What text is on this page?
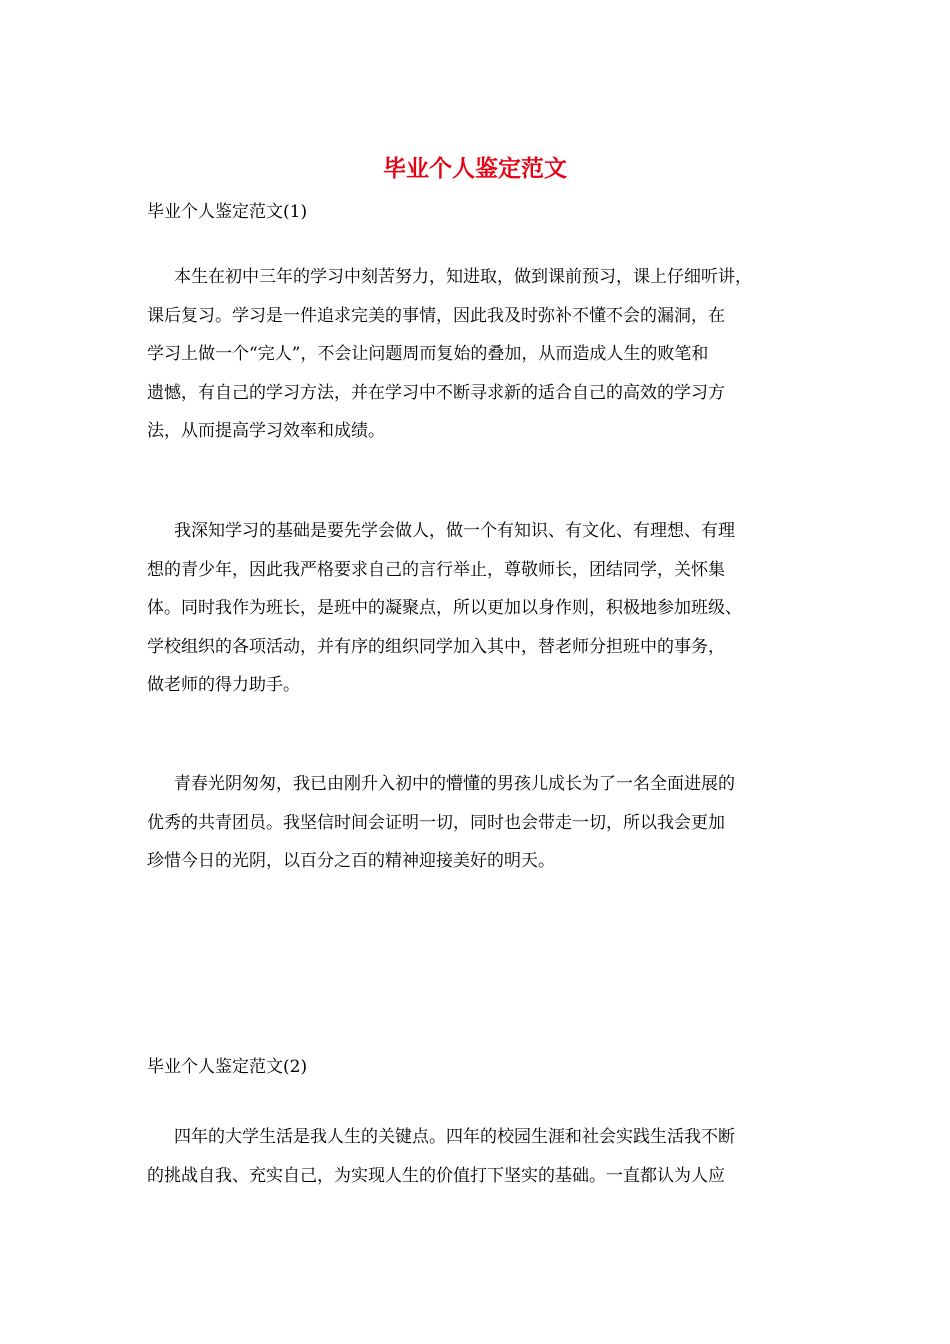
毕业个人鉴定范文
毕业个人鉴定范文(1)
本生在初中三年的学习中刻苦努力，知进取，做到课前预习，课上仔细听讲，
课后复习。学习是一件追求完美的事情，因此我及时弥补不懂不会的漏洞，在
学习上做一个“完人”，不会让问题周而复始的叠加，从而造成人生的败笔和
遗憾，有自己的学习方法，并在学习中不断寻求新的适合自己的高效的学习方
法，从而提高学习效率和成绩。
我深知学习的基础是要先学会做人，做一个有知识、有文化、有理想、有理
想的青少年，因此我严格要求自己的言行举止，尊敬师长，团结同学，关怀集
体。同时我作为班长，是班中的凝聚点，所以更加以身作则，积极地参加班级、
学校组织的各项活动，并有序的组织同学加入其中，替老师分担班中的事务，
做老师的得力助手。
青春光阴匆匆，我已由刚升入初中的懵懂的男孩儿成长为了一名全面进展的
优秀的共青团员。我坚信时间会证明一切，同时也会带走一切，所以我会更加
珍惜今日的光阴，以百分之百的精神迎接美好的明天。
毕业个人鉴定范文(2)
四年的大学生活是我人生的关键点。四年的校园生涯和社会实践生活我不断
的挑战自我、充实自己，为实现人生的价值打下坚实的基础。一直都认为人应
